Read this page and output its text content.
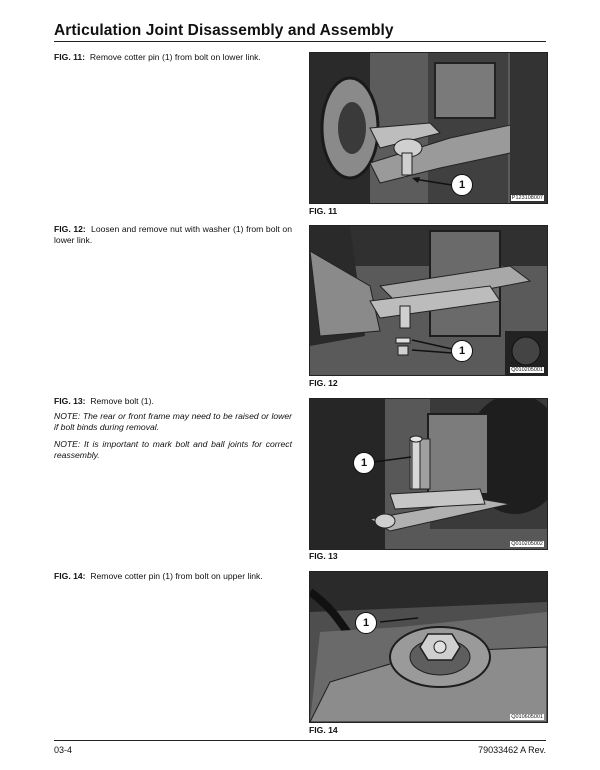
Articulation Joint Disassembly and Assembly
FIG. 11: Remove cotter pin (1) from bolt on lower link.
FIG. 12: Loosen and remove nut with washer (1) from bolt on lower link.
FIG. 13: Remove bolt (1).
NOTE: The rear or front frame may need to be raised or lower if bolt binds during removal.
NOTE: It is important to mark bolt and ball joints for correct reassembly.
FIG. 14: Remove cotter pin (1) from bolt on upper link.
1
P123108007
FIG. 11
1
Q010205001
FIG. 12
1
Q010205002
FIG. 13
1
Q010605001
FIG. 14
03-4	79033462 A Rev.
